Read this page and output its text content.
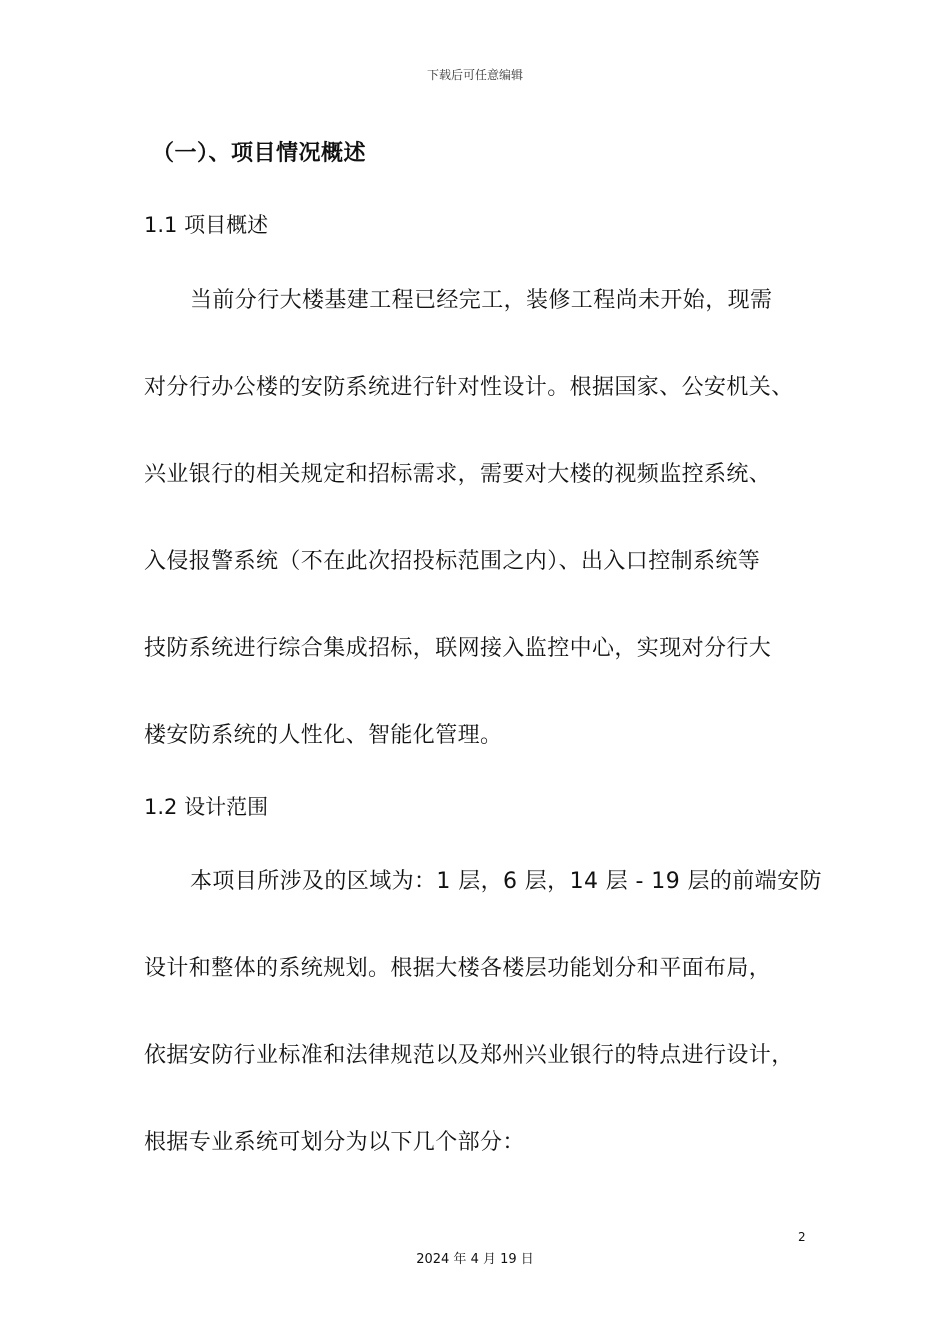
下载后可任意编辑
（一）、项目情况概述
1.1 项目概述
当前分行大楼基建工程已经完工，装修工程尚未开始，现需
对分行办公楼的安防系统进行针对性设计。根据国家、公安机关、
兴业银行的相关规定和招标需求，需要对大楼的视频监控系统、
入侵报警系统（不在此次招投标范围之内）、出入口控制系统等
技防系统进行综合集成招标，联网接入监控中心，实现对分行大
楼安防系统的人性化、智能化管理。
1.2 设计范围
本项目所涉及的区域为：1 层，6 层，14 层 - 19 层的前端安防
设计和整体的系统规划。根据大楼各楼层功能划分和平面布局，
依据安防行业标准和法律规范以及郑州兴业银行的特点进行设计，
根据专业系统可划分为以下几个部分：
2
2024 年 4 月 19 日
